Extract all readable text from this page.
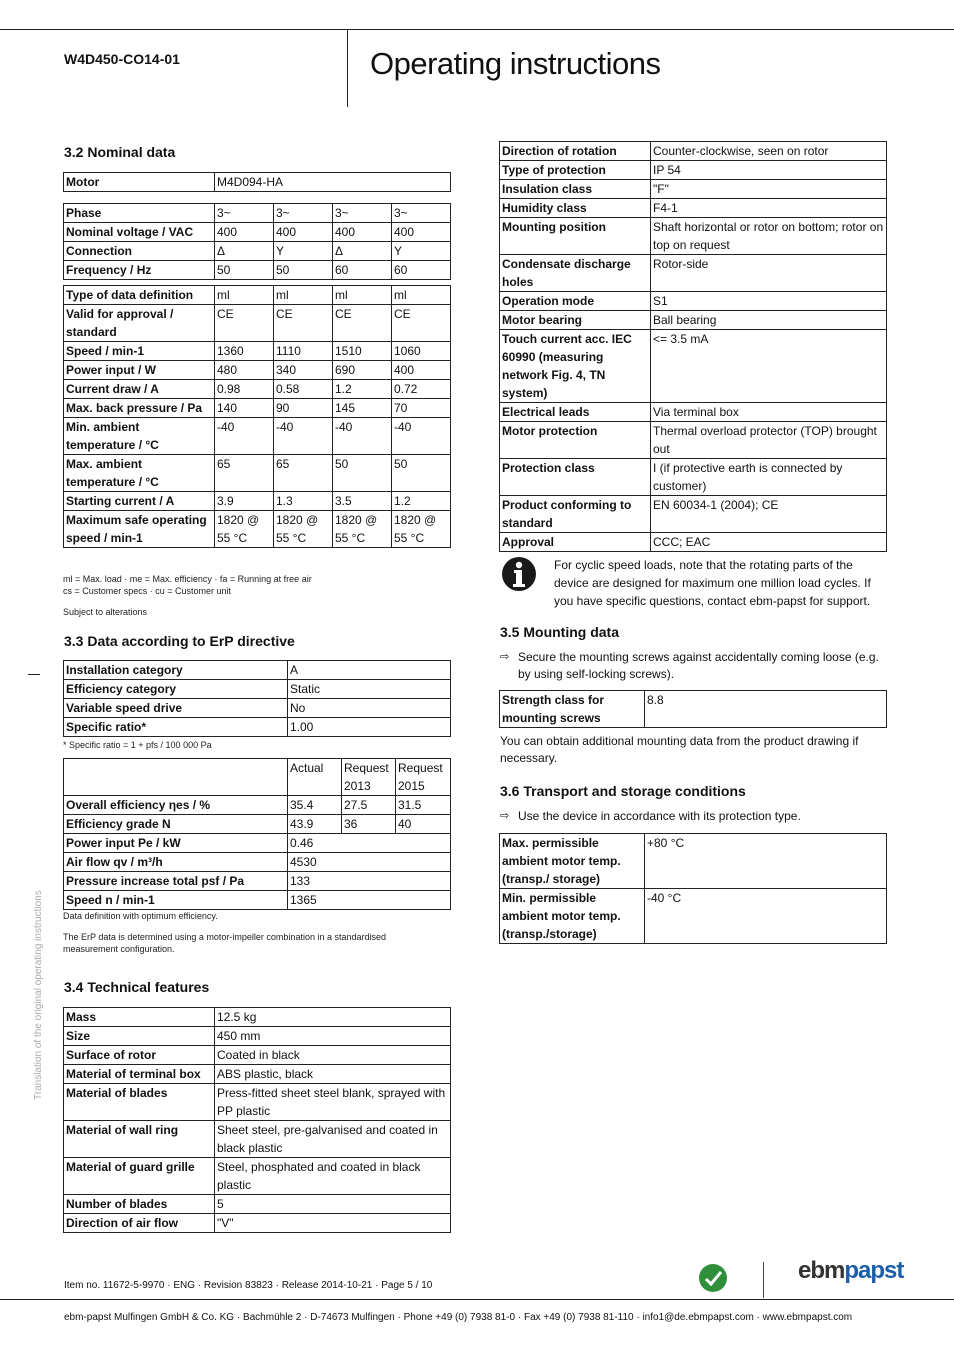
W4D450-CO14-01	Operating instructions
3.2 Nominal data
Motor	M4D094-HA
Phase	3~	3~	3~	3~
Nominal voltage / VAC	400	400	400	400
Connection	Δ	Y	Δ	Y
Frequency / Hz	50	50	60	60
Type of data definition	ml	ml	ml	ml
Valid for approval / standard	CE	CE	CE	CE
Speed / min-1	1360	1110	1510	1060
Power input / W	480	340	690	400
Current draw / A	0.98	0.58	1.2	0.72
Max. back pressure / Pa	140	90	145	70
Min. ambient temperature / °C	-40	-40	-40	-40
Max. ambient temperature / °C	65	65	50	50
Starting current / A	3.9	1.3	3.5	1.2
Maximum safe operating speed / min-1	1820 @ 55 °C	1820 @ 55 °C	1820 @ 55 °C	1820 @ 55 °C
ml = Max. load · me = Max. efficiency · fa = Running at free air
cs = Customer specs · cu = Customer unit
Subject to alterations
3.3 Data according to ErP directive
Installation category	A
Efficiency category	Static
Variable speed drive	No
Specific ratio*	1.00
* Specific ratio = 1 + pfs / 100 000 Pa
	Actual	Request 2013	Request 2015
Overall efficiency ηes / %	35.4	27.5	31.5
Efficiency grade N	43.9	36	40
Power input Pe / kW	0.46		
Air flow qv / m³/h	4530		
Pressure increase total psf / Pa	133		
Speed n / min-1	1365		
Data definition with optimum efficiency.
The ErP data is determined using a motor-impeller combination in a standardised measurement configuration.
3.4 Technical features
Mass	12.5 kg
Size	450 mm
Surface of rotor	Coated in black
Material of terminal box	ABS plastic, black
Material of blades	Press-fitted sheet steel blank, sprayed with PP plastic
Material of wall ring	Sheet steel, pre-galvanised and coated in black plastic
Material of guard grille	Steel, phosphated and coated in black plastic
Number of blades	5
Direction of air flow	"V"
Direction of rotation	Counter-clockwise, seen on rotor
Type of protection	IP 54
Insulation class	"F"
Humidity class	F4-1
Mounting position	Shaft horizontal or rotor on bottom; rotor on top on request
Condensate discharge holes	Rotor-side
Operation mode	S1
Motor bearing	Ball bearing
Touch current acc. IEC 60990 (measuring network Fig. 4, TN system)	<= 3.5 mA
Electrical leads	Via terminal box
Motor protection	Thermal overload protector (TOP) brought out
Protection class	I (if protective earth is connected by customer)
Product conforming to standard	EN 60034-1 (2004); CE
Approval	CCC; EAC
For cyclic speed loads, note that the rotating parts of the device are designed for maximum one million load cycles. If you have specific questions, contact ebm-papst for support.
3.5 Mounting data
⇨ Secure the mounting screws against accidentally coming loose (e.g. by using self-locking screws).
Strength class for mounting screws	8.8
You can obtain additional mounting data from the product drawing if necessary.
3.6 Transport and storage conditions
⇨ Use the device in accordance with its protection type.
Max. permissible ambient motor temp. (transp./ storage)	+80 °C
Min. permissible ambient motor temp. (transp./storage)	-40 °C
Translation of the original operating instructions
Item no. 11672-5-9970 · ENG · Revision 83823 · Release 2014-10-21 · Page 5 / 10
ebmpapst
ebm-papst Mulfingen GmbH & Co. KG · Bachmühle 2 · D-74673 Mulfingen · Phone +49 (0) 7938 81-0 · Fax +49 (0) 7938 81-110 · info1@de.ebmpapst.com · www.ebmpapst.com
